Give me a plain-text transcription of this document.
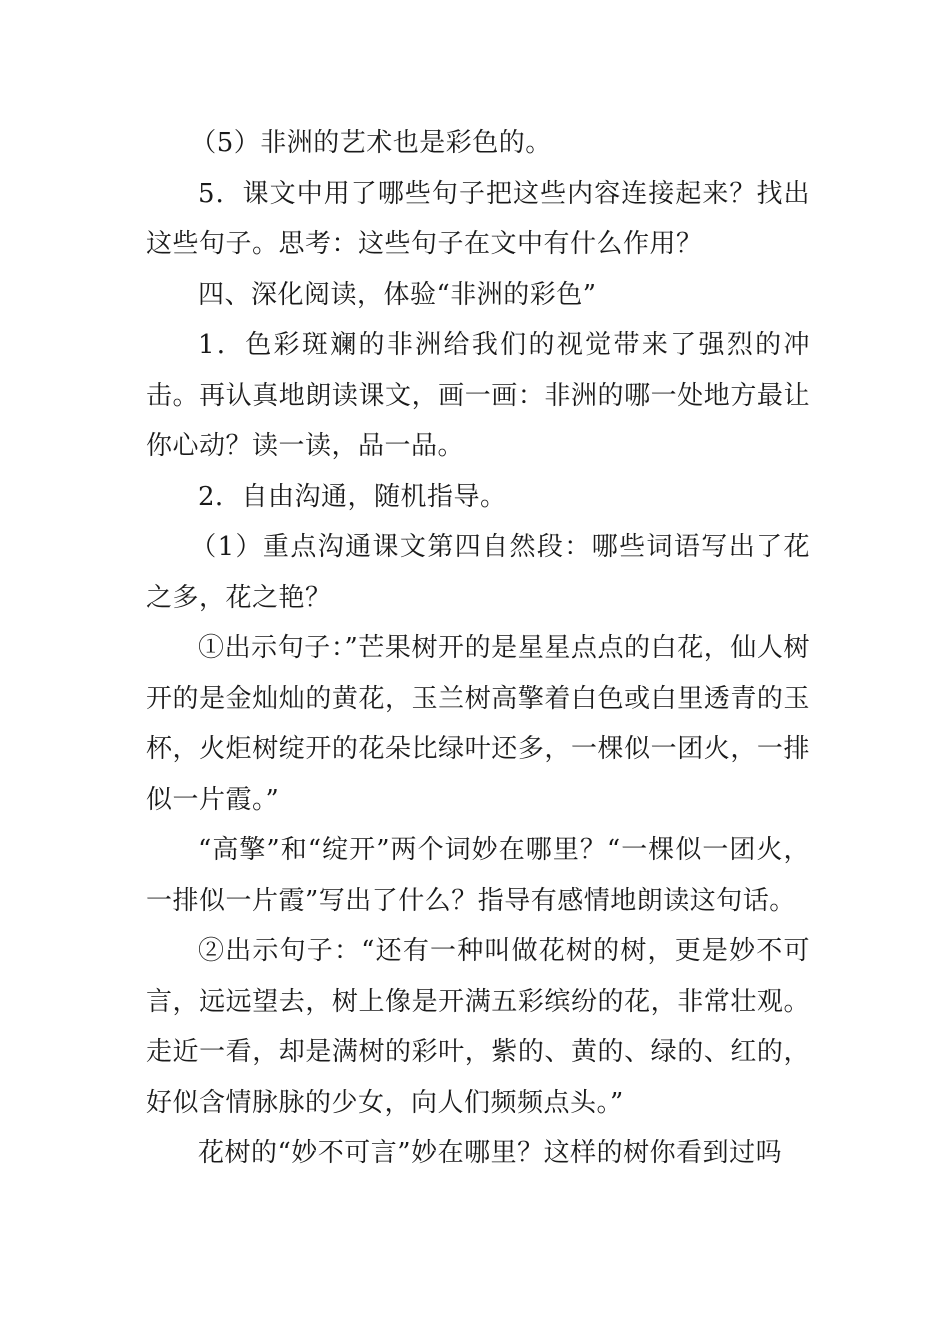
（5）非洲的艺术也是彩色的。

5．课文中用了哪些句子把这些内容连接起来？找出这些句子。思考：这些句子在文中有什么作用？

四、深化阅读，体验“非洲的彩色”

1．色彩斑斓的非洲给我们的视觉带来了强烈的冲击。再认真地朗读课文，画一画：非洲的哪一处地方最让你心动？读一读，品一品。

2．自由沟通，随机指导。

（1）重点沟通课文第四自然段：哪些词语写出了花之多，花之艳？

①出示句子：”芒果树开的是星星点点的白花，仙人树开的是金灿灿的黄花，玉兰树高擎着白色或白里透青的玉杯，火炬树绽开的花朵比绿叶还多，一棵似一团火，一排似一片霞。”

“高擎”和“绽开”两个词妙在哪里？“一棵似一团火，一排似一片霞”写出了什么？指导有感情地朗读这句话。

②出示句子：“还有一种叫做花树的树，更是妙不可言，远远望去，树上像是开满五彩缤纷的花，非常壮观。走近一看，却是满树的彩叶，紫的、黄的、绿的、红的，好似含情脉脉的少女，向人们频频点头。”

花树的“妙不可言”妙在哪里？这样的树你看到过吗
